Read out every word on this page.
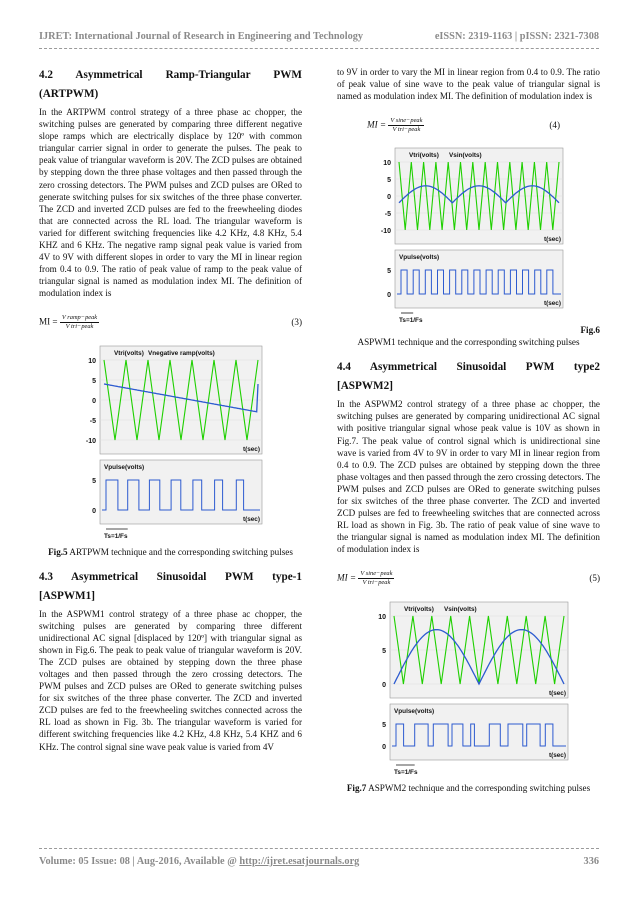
IJRET: International Journal of Research in Engineering and Technology	eISSN: 2319-1163 | pISSN: 2321-7308
4.2 Asymmetrical Ramp-Triangular PWM
(ARTPWM)

In the ARTPWM control strategy of a three phase ac chopper, the switching pulses are generated by comparing three different negative slope ramps which are electrically displace by 120º with common triangular carrier signal in order to generate the pulses. The peak to peak value of triangular waveform is 20V. The ZCD pulses are obtained by stepping down the three phase voltages and then passed through the zero crossing detectors. The PWM pulses and ZCD pulses are ORed to generate switching pulses for six switches of the three phase converter. The ZCD and inverted ZCD pulses are fed to the freewheeling diodes that are connected across the RL load. The triangular waveform is varied for different switching frequencies like 4.2 KHz, 4.8 KHz, 5.4 KHZ and 6 KHz. The negative ramp signal peak value is varied from 4V to 9V with different slopes in order to vary the MI in linear region from 0.4 to 0.9. The ratio of peak value of ramp to the peak value of triangular signal is named as modulation index MI. The definition of modulation index is

MI = $\frac{\text{V ramp−peak}}{\text{V tri−peak}}$	(3)
10
5
0
-5
-10
Vtri(volts) Vnegative ramp(volts)
t(sec)
5
0
Vpulse(volts)
t(sec)
Ts=1/Fs
Fig.5 ARTPWM technique and the corresponding switching pulses
4.3 Asymmetrical Sinusoidal PWM type-1
[ASPWM1]

In the ASPWM1 control strategy of a three phase ac chopper, the switching pulses are generated by comparing three different unidirectional AC signal [displaced by 120º] with triangular signal as shown in Fig.6. The peak to peak value of triangular waveform is 20V. The ZCD pulses are obtained by stepping down the three phase voltages and then passed through the zero crossing detectors. The PWM pulses and ZCD pulses are ORed to generate switching pulses for six switches of the three phase converter. The ZCD and inverted ZCD pulses are fed to the freewheeling switches connected across the RL load as shown in Fig. 3b. The triangular waveform is varied for different switching frequencies like 4.2 KHz, 4.8 KHz, 5.4 KHZ and 6 KHz. The control signal sine wave peak value is varied from 4V

to 9V in order to vary the MI in linear region from 0.4 to 0.9. The ratio of peak value of sine wave to the peak value of triangular signal is named as modulation index MI. The definition of modulation index is

MI = $\frac{\text{V sine−peak}}{\text{V tri−peak}}$	(4)
10
5
0
-5
-10
Vtri(volts) Vsin(volts)
t(sec)
5
0
Vpulse(volts)
t(sec)
Ts=1/Fs
Fig.6
ASPWM1 technique and the corresponding switching pulses
4.4 Asymmetrical Sinusoidal PWM type2
[ASPWM2]

In the ASPWM2 control strategy of a three phase ac chopper, the switching pulses are generated by comparing unidirectional AC signal with positive triangular signal whose peak value is 10V as shown in Fig.7. The peak value of control signal which is unidirectional sine wave is varied from 4V to 9V in order to vary MI in linear region from 0.4 to 0.9. The ZCD pulses are obtained by stepping down the three phase voltages and then passed through the zero crossing detectors. The PWM pulses and ZCD pulses are ORed to generate switching pulses for six switches of the three phase converter. The ZCD and inverted ZCD pulses are fed to freewheeling switches that are connected across RL load as shown in Fig. 3b. The ratio of peak value of sine wave to the triangular signal is named as modulation index MI. The definition of modulation index is

MI = $\frac{\text{V sine−peak}}{\text{V tri−peak}}$	(5)
10
5
0
Vtri(volts) Vsin(volts)
t(sec)
5
0
Vpulse(volts)
t(sec)
Ts=1/Fs
Fig.7 ASPWM2 technique and the corresponding switching pulses
Volume: 05 Issue: 08 | Aug-2016, Available @ http://ijret.esatjournals.org	336
